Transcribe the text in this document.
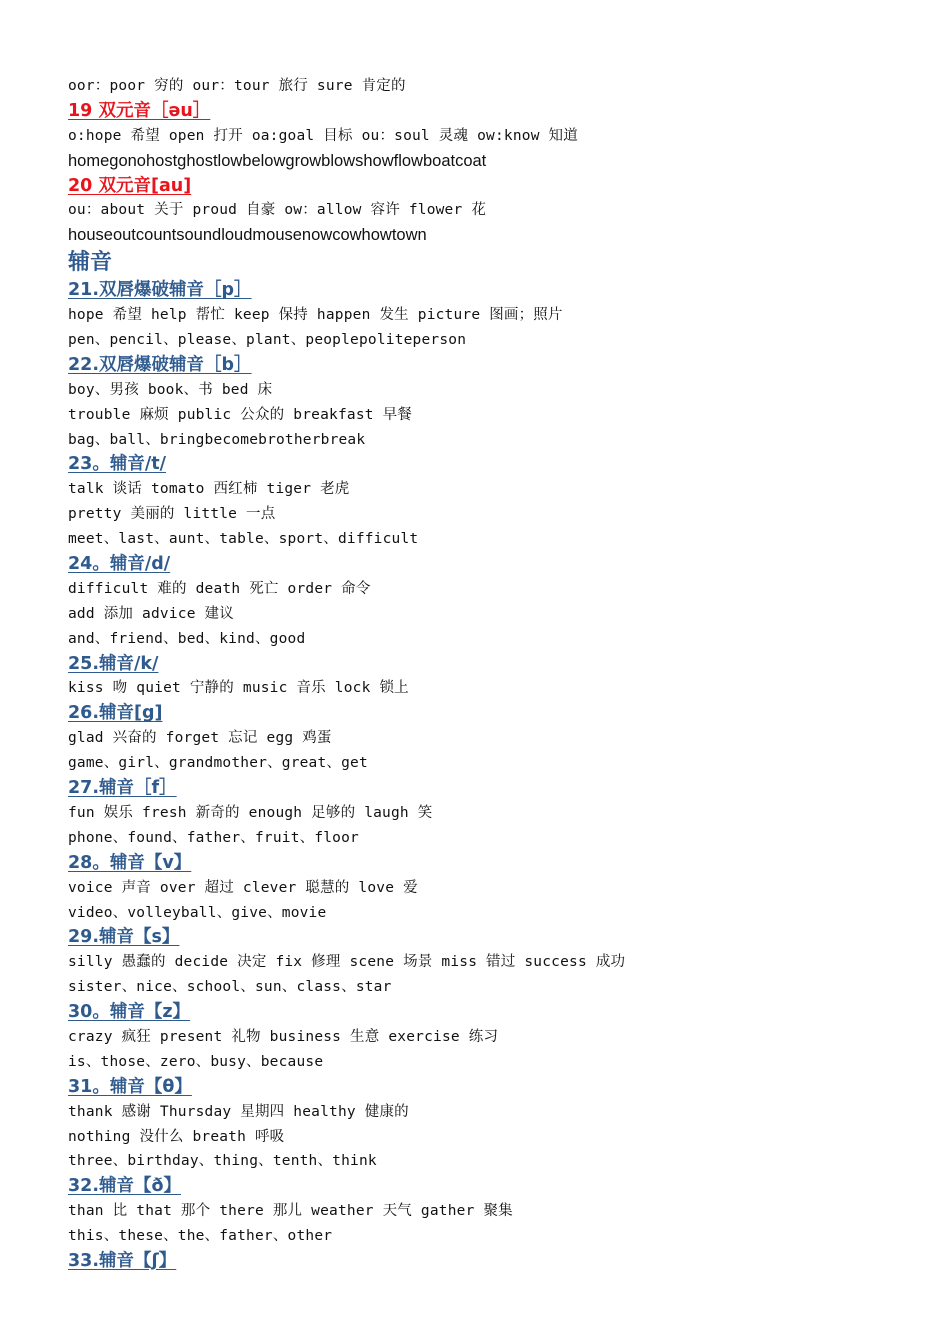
oor：poor 穷的 our：tour 旅行 sure 肯定的
19 双元音［əu］
o:hope 希望 open 打开 oa:goal 目标 ou：soul 灵魂 ow:know 知道
homegonohostghostlowbelowgrowblowshowflowboatcoat
20 双元音[au]
ou：about 关于 proud 自豪 ow：allow 容许 flower 花
houseoutcountsoundloudmousenowcowhowtown
辅音
21.双唇爆破辅音［p］
hope 希望 help 帮忙 keep 保持 happen 发生 picture 图画；照片
pen、pencil、please、plant、peoplepoliteperson
22.双唇爆破辅音［b］
boy、男孩 book、书 bed 床
trouble 麻烦 public 公众的 breakfast 早餐
bag、ball、bringbecomebrotherbreak
23。辅音/t/
talk 谈话 tomato 西红柿 tiger 老虎
pretty 美丽的 little 一点
meet、last、aunt、table、sport、difficult
24。辅音/d/
difficult 难的 death 死亡 order 命令
add 添加 advice 建议
and、friend、bed、kind、good
25.辅音/k/
kiss 吻 quiet 宁静的 music 音乐 lock 锁上
26.辅音[g]
glad 兴奋的 forget 忘记 egg 鸡蛋
game、girl、grandmother、great、get
27.辅音［f］
fun 娱乐 fresh 新奇的 enough 足够的 laugh 笑
phone、found、father、fruit、floor
28。辅音【v】
voice 声音 over 超过 clever 聪慧的 love 爱
video、volleyball、give、movie
29.辅音【s】
silly 愚蠢的 decide 决定 fix 修理 scene 场景 miss 错过 success 成功
sister、nice、school、sun、class、star
30。辅音【z】
crazy 疯狂 present 礼物 business 生意 exercise 练习
is、those、zero、busy、because
31。辅音【θ】
thank 感谢 Thursday 星期四 healthy 健康的
nothing 没什么 breath 呼吸
three、birthday、thing、tenth、think
32.辅音【ð】
than 比 that 那个 there 那儿 weather 天气 gather 聚集
this、these、the、father、other
33.辅音【ʃ】
